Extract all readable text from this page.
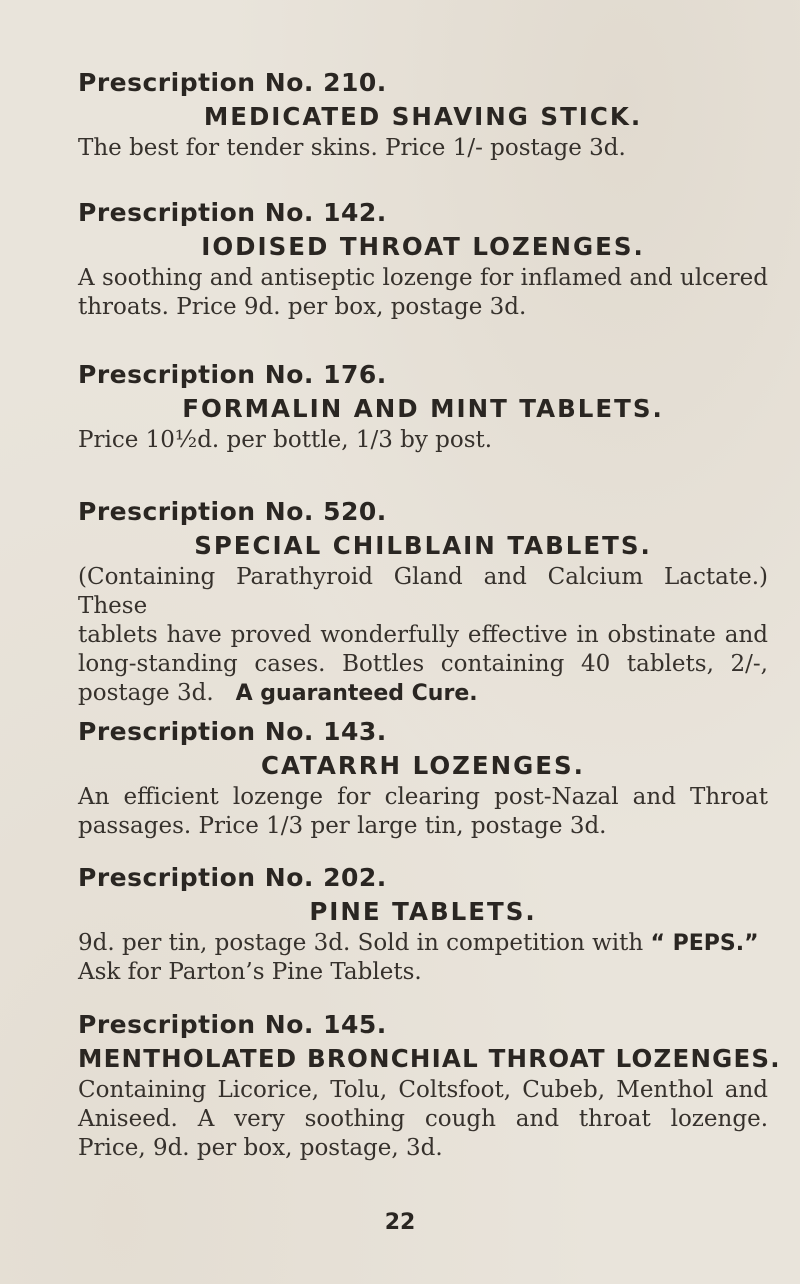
Prescription No. 210.
MEDICATED SHAVING STICK.
The best for tender skins. Price 1/- postage 3d.
Prescription No. 142.
IODISED THROAT LOZENGES.
A soothing and antiseptic lozenge for inflamed and ulcered
throats. Price 9d. per box, postage 3d.
Prescription No. 176.
FORMALIN AND MINT TABLETS.
Price 10½d. per bottle, 1/3 by post.
Prescription No. 520.
SPECIAL CHILBLAIN TABLETS.
(Containing Parathyroid Gland and Calcium Lactate.) These
tablets have proved wonderfully effective in obstinate and
long-standing cases. Bottles containing 40 tablets, 2/-,
postage 3d. A guaranteed Cure.
Prescription No. 143.
CATARRH LOZENGES.
An efficient lozenge for clearing post-Nazal and Throat
passages. Price 1/3 per large tin, postage 3d.
Prescription No. 202.
PINE TABLETS.
9d. per tin, postage 3d. Sold in competition with “ PEPS.”
Ask for Parton’s Pine Tablets.
Prescription No. 145.
MENTHOLATED BRONCHIAL THROAT LOZENGES.
Containing Licorice, Tolu, Coltsfoot, Cubeb, Menthol and
Aniseed. A very soothing cough and throat lozenge.
Price, 9d. per box, postage, 3d.
22
